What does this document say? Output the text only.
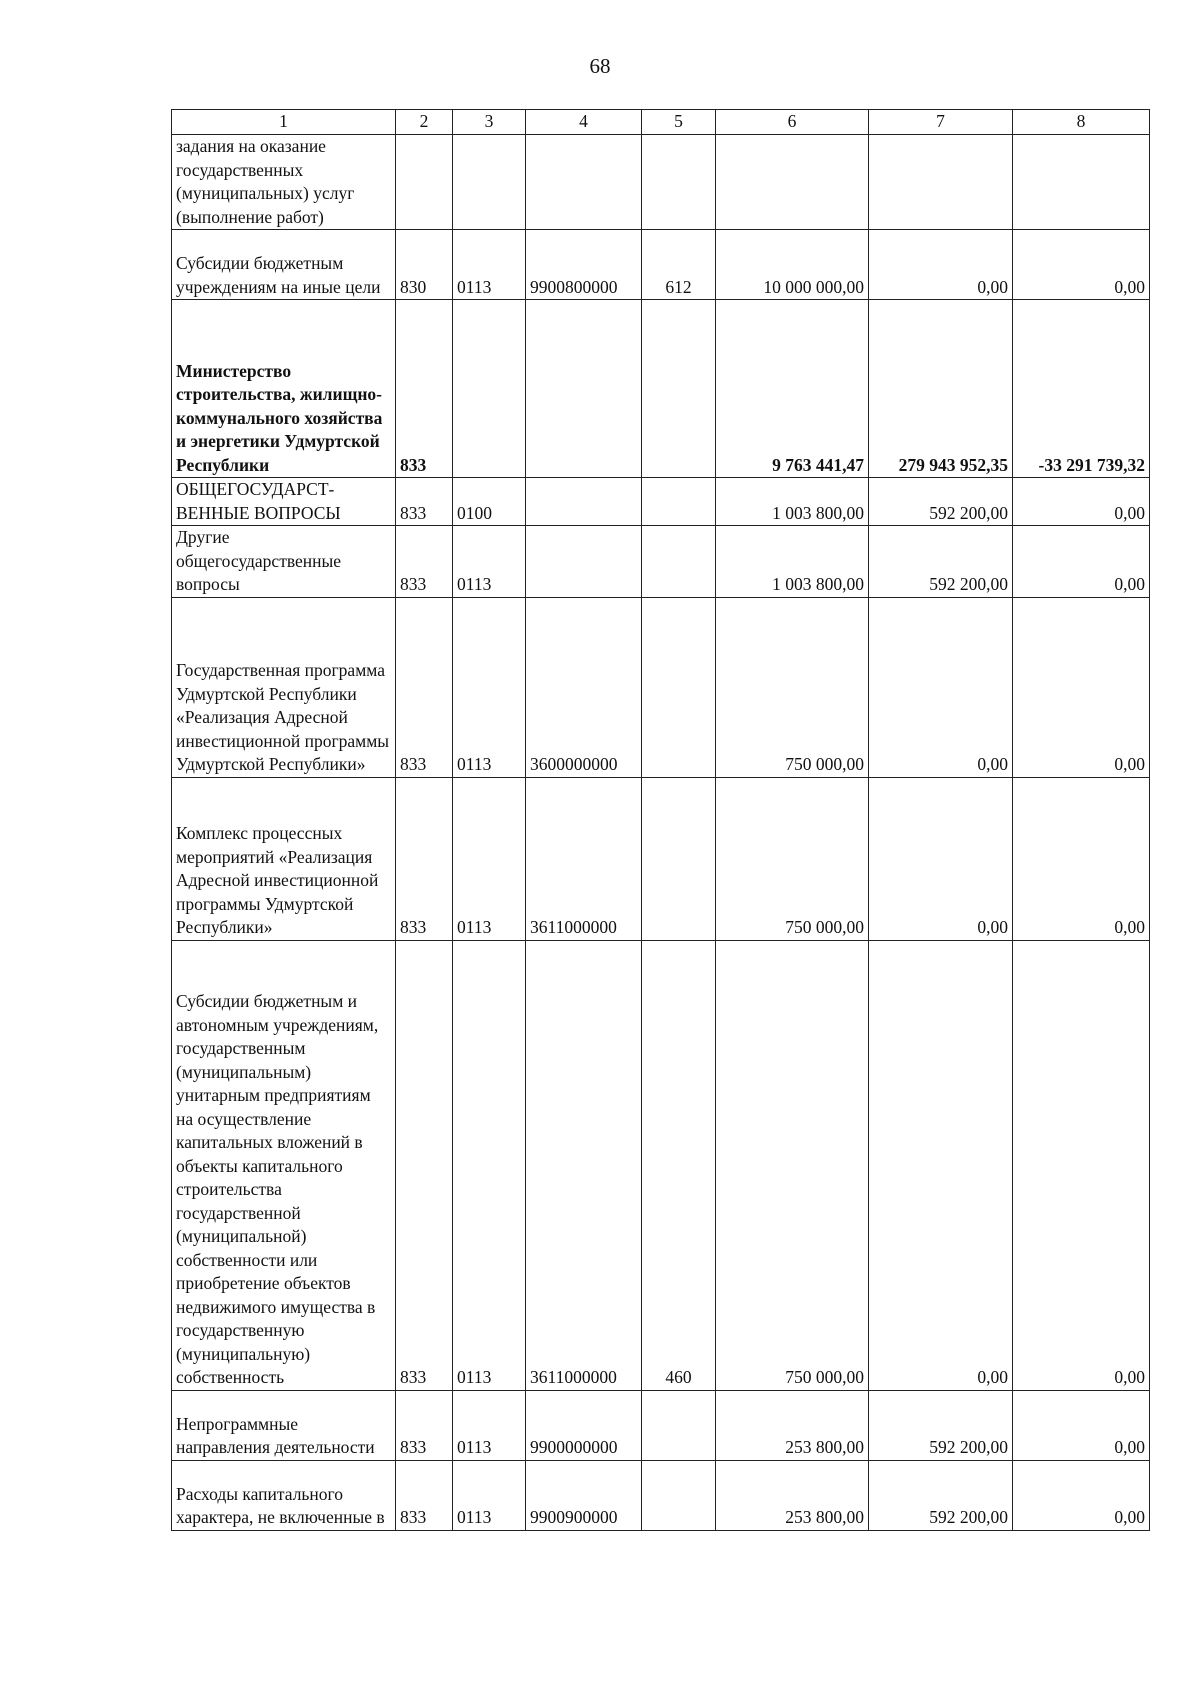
68
1	2	3	4	5	6	7	8
задания на оказание государственных (муниципальных) услуг (выполнение работ)							
Субсидии бюджетным учреждениям на иные цели	830	0113	9900800000	612	10 000 000,00	0,00	0,00
Министерство строительства, жилищно-коммунального хозяйства и энергетики Удмуртской Республики	833				9 763 441,47	279 943 952,35	-33 291 739,32
ОБЩЕГОСУДАРСТ-ВЕННЫЕ ВОПРОСЫ	833	0100			1 003 800,00	592 200,00	0,00
Другие общегосударственные вопросы	833	0113			1 003 800,00	592 200,00	0,00
Государственная программа Удмуртской Республики «Реализация Адресной инвестиционной программы Удмуртской Республики»	833	0113	3600000000		750 000,00	0,00	0,00
Комплекс процессных мероприятий «Реализация Адресной инвестиционной программы Удмуртской Республики»	833	0113	3611000000		750 000,00	0,00	0,00
Субсидии бюджетным и автономным учреждениям, государственным (муниципальным) унитарным предприятиям на осуществление капитальных вложений в объекты капитального строительства государственной (муниципальной) собственности или приобретение объектов недвижимого имущества в государственную (муниципальную) собственность	833	0113	3611000000	460	750 000,00	0,00	0,00
Непрограммные направления деятельности	833	0113	9900000000		253 800,00	592 200,00	0,00
Расходы капитального характера, не включенные в	833	0113	9900900000		253 800,00	592 200,00	0,00
